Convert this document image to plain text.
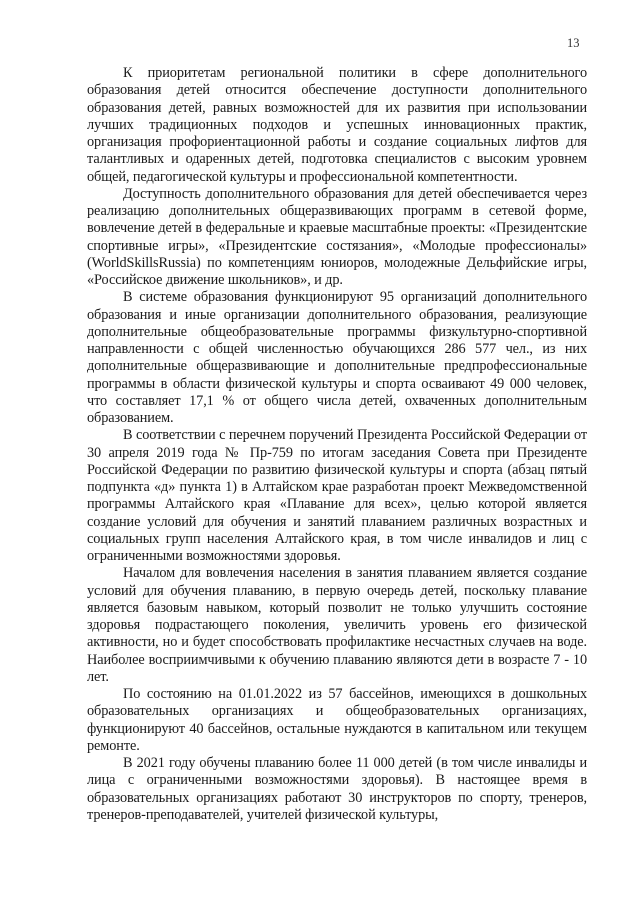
13

К приоритетам региональной политики в сфере дополнительного образования детей относится обеспечение доступности дополнительного образования детей, равных возможностей для их развития при использовании лучших традиционных подходов и успешных инновационных практик, организация профориентационной работы и создание социальных лифтов для талантливых и одаренных детей, подготовка специалистов с высоким уровнем общей, педагогической культуры и профессиональной компетентности.

Доступность дополнительного образования для детей обеспечивается через реализацию дополнительных общеразвивающих программ в сетевой форме, вовлечение детей в федеральные и краевые масштабные проекты: «Президентские спортивные игры», «Президентские состязания», «Молодые профессионалы» (WorldSkillsRussia) по компетенциям юниоров, молодежные Дельфийские игры, «Российское движение школьников», и др.

В системе образования функционируют 95 организаций дополнительного образования и иные организации дополнительного образования, реализующие дополнительные общеобразовательные программы физкультурно-спортивной направленности с общей численностью обучающихся 286 577 чел., из них дополнительные общеразвивающие и дополнительные предпрофессиональные программы в области физической культуры и спорта осваивают 49 000 человек, что составляет 17,1 % от общего числа детей, охваченных дополнительным образованием.

В соответствии с перечнем поручений Президента Российской Федерации от 30 апреля 2019 года № Пр-759 по итогам заседания Совета при Президенте Российской Федерации по развитию физической культуры и спорта (абзац пятый подпункта «д» пункта 1) в Алтайском крае разработан проект Межведомственной программы Алтайского края «Плавание для всех», целью которой является создание условий для обучения и занятий плаванием различных возрастных и социальных групп населения Алтайского края, в том числе инвалидов и лиц с ограниченными возможностями здоровья.

Началом для вовлечения населения в занятия плаванием является создание условий для обучения плаванию, в первую очередь детей, поскольку плавание является базовым навыком, который позволит не только улучшить состояние здоровья подрастающего поколения, увеличить уровень его физической активности, но и будет способствовать профилактике несчастных случаев на воде. Наиболее восприимчивыми к обучению плаванию являются дети в возрасте 7 - 10 лет.

По состоянию на 01.01.2022 из 57 бассейнов, имеющихся в дошкольных образовательных организациях и общеобразовательных организациях, функционируют 40 бассейнов, остальные нуждаются в капитальном или текущем ремонте.

В 2021 году обучены плаванию более 11 000 детей (в том числе инвалиды и лица с ограниченными возможностями здоровья). В настоящее время в образовательных организациях работают 30 инструкторов по спорту, тренеров, тренеров-преподавателей, учителей физической культуры,
